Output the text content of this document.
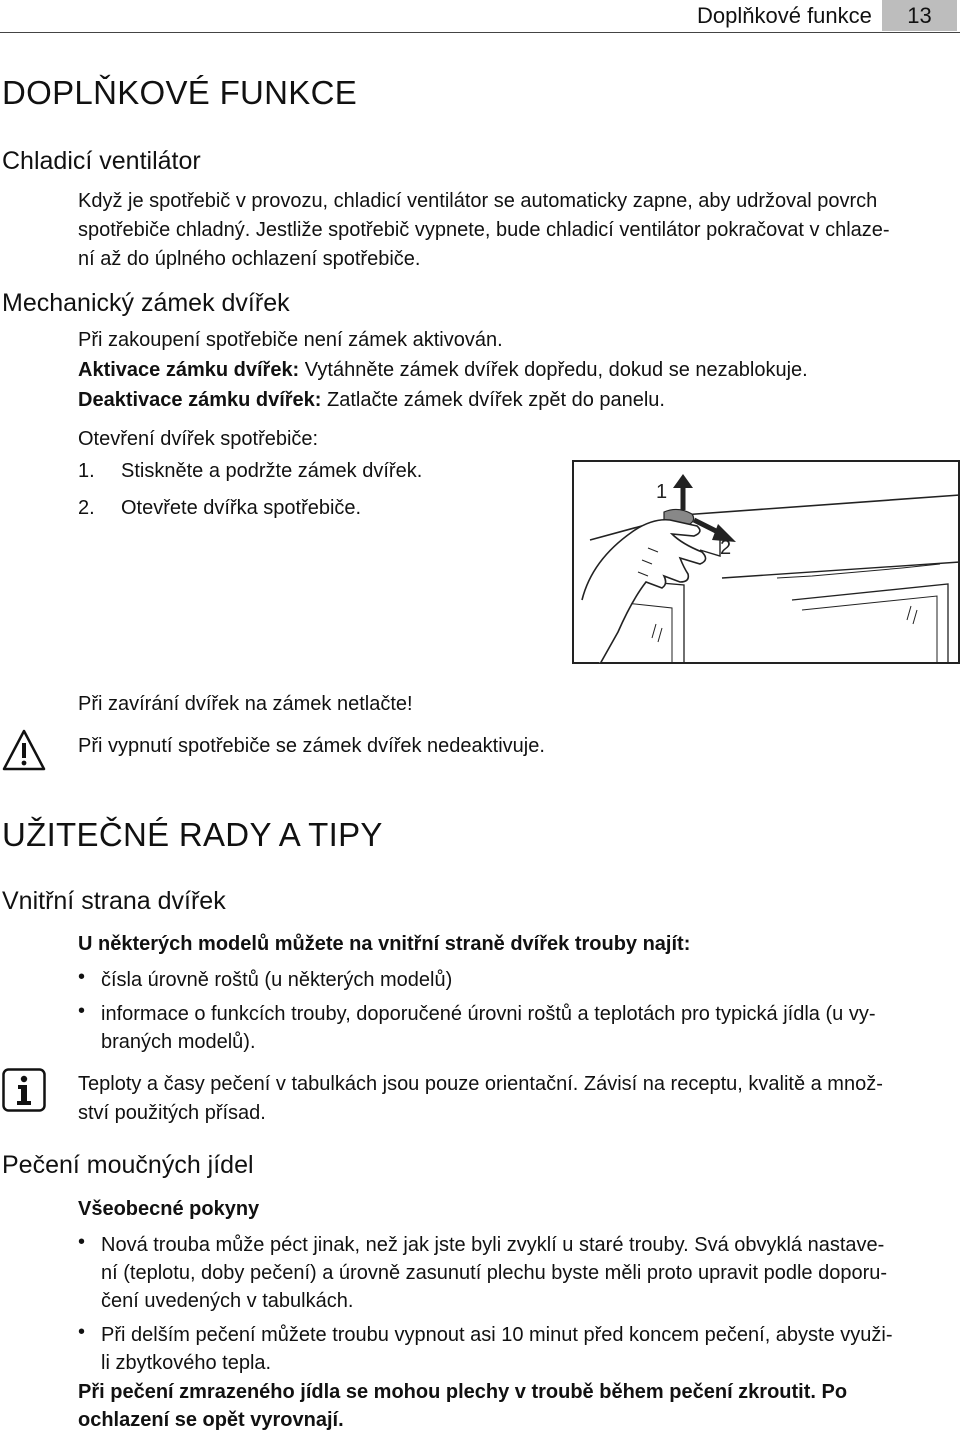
Doplňkové funkce	13
DOPLŇKOVÉ FUNKCE
Chladicí ventilátor
Když je spotřebič v provozu, chladicí ventilátor se automaticky zapne, aby udržoval povrch
spotřebiče chladný. Jestliže spotřebič vypnete, bude chladicí ventilátor pokračovat v chlaze-
ní až do úplného ochlazení spotřebiče.
Mechanický zámek dvířek
Při zakoupení spotřebiče není zámek aktivován.
Aktivace zámku dvířek: Vytáhněte zámek dvířek dopředu, dokud se nezablokuje.
Deaktivace zámku dvířek: Zatlačte zámek dvířek zpět do panelu.
Otevření dvířek spotřebiče:
1. Stiskněte a podržte zámek dvířek.
2. Otevřete dvířka spotřebiče.
1
2
Při zavírání dvířek na zámek netlačte!
Při vypnutí spotřebiče se zámek dvířek nedeaktivuje.
UŽITEČNÉ RADY A TIPY
Vnitřní strana dvířek
U některých modelů můžete na vnitřní straně dvířek trouby najít:
• čísla úrovně roštů (u některých modelů)
• informace o funkcích trouby, doporučené úrovni roštů a teplotách pro typická jídla (u vy-
braných modelů).
Teploty a časy pečení v tabulkách jsou pouze orientační. Závisí na receptu, kvalitě a množ-
ství použitých přísad.
Pečení moučných jídel
Všeobecné pokyny
• Nová trouba může péct jinak, než jak jste byli zvyklí u staré trouby. Svá obvyklá nastave-
ní (teplotu, doby pečení) a úrovně zasunutí plechu byste měli proto upravit podle doporu-
čení uvedených v tabulkách.
• Při delším pečení můžete troubu vypnout asi 10 minut před koncem pečení, abyste využi-
li zbytkového tepla.
Při pečení zmrazeného jídla se mohou plechy v troubě během pečení zkroutit. Po
ochlazení se opět vyrovnají.
